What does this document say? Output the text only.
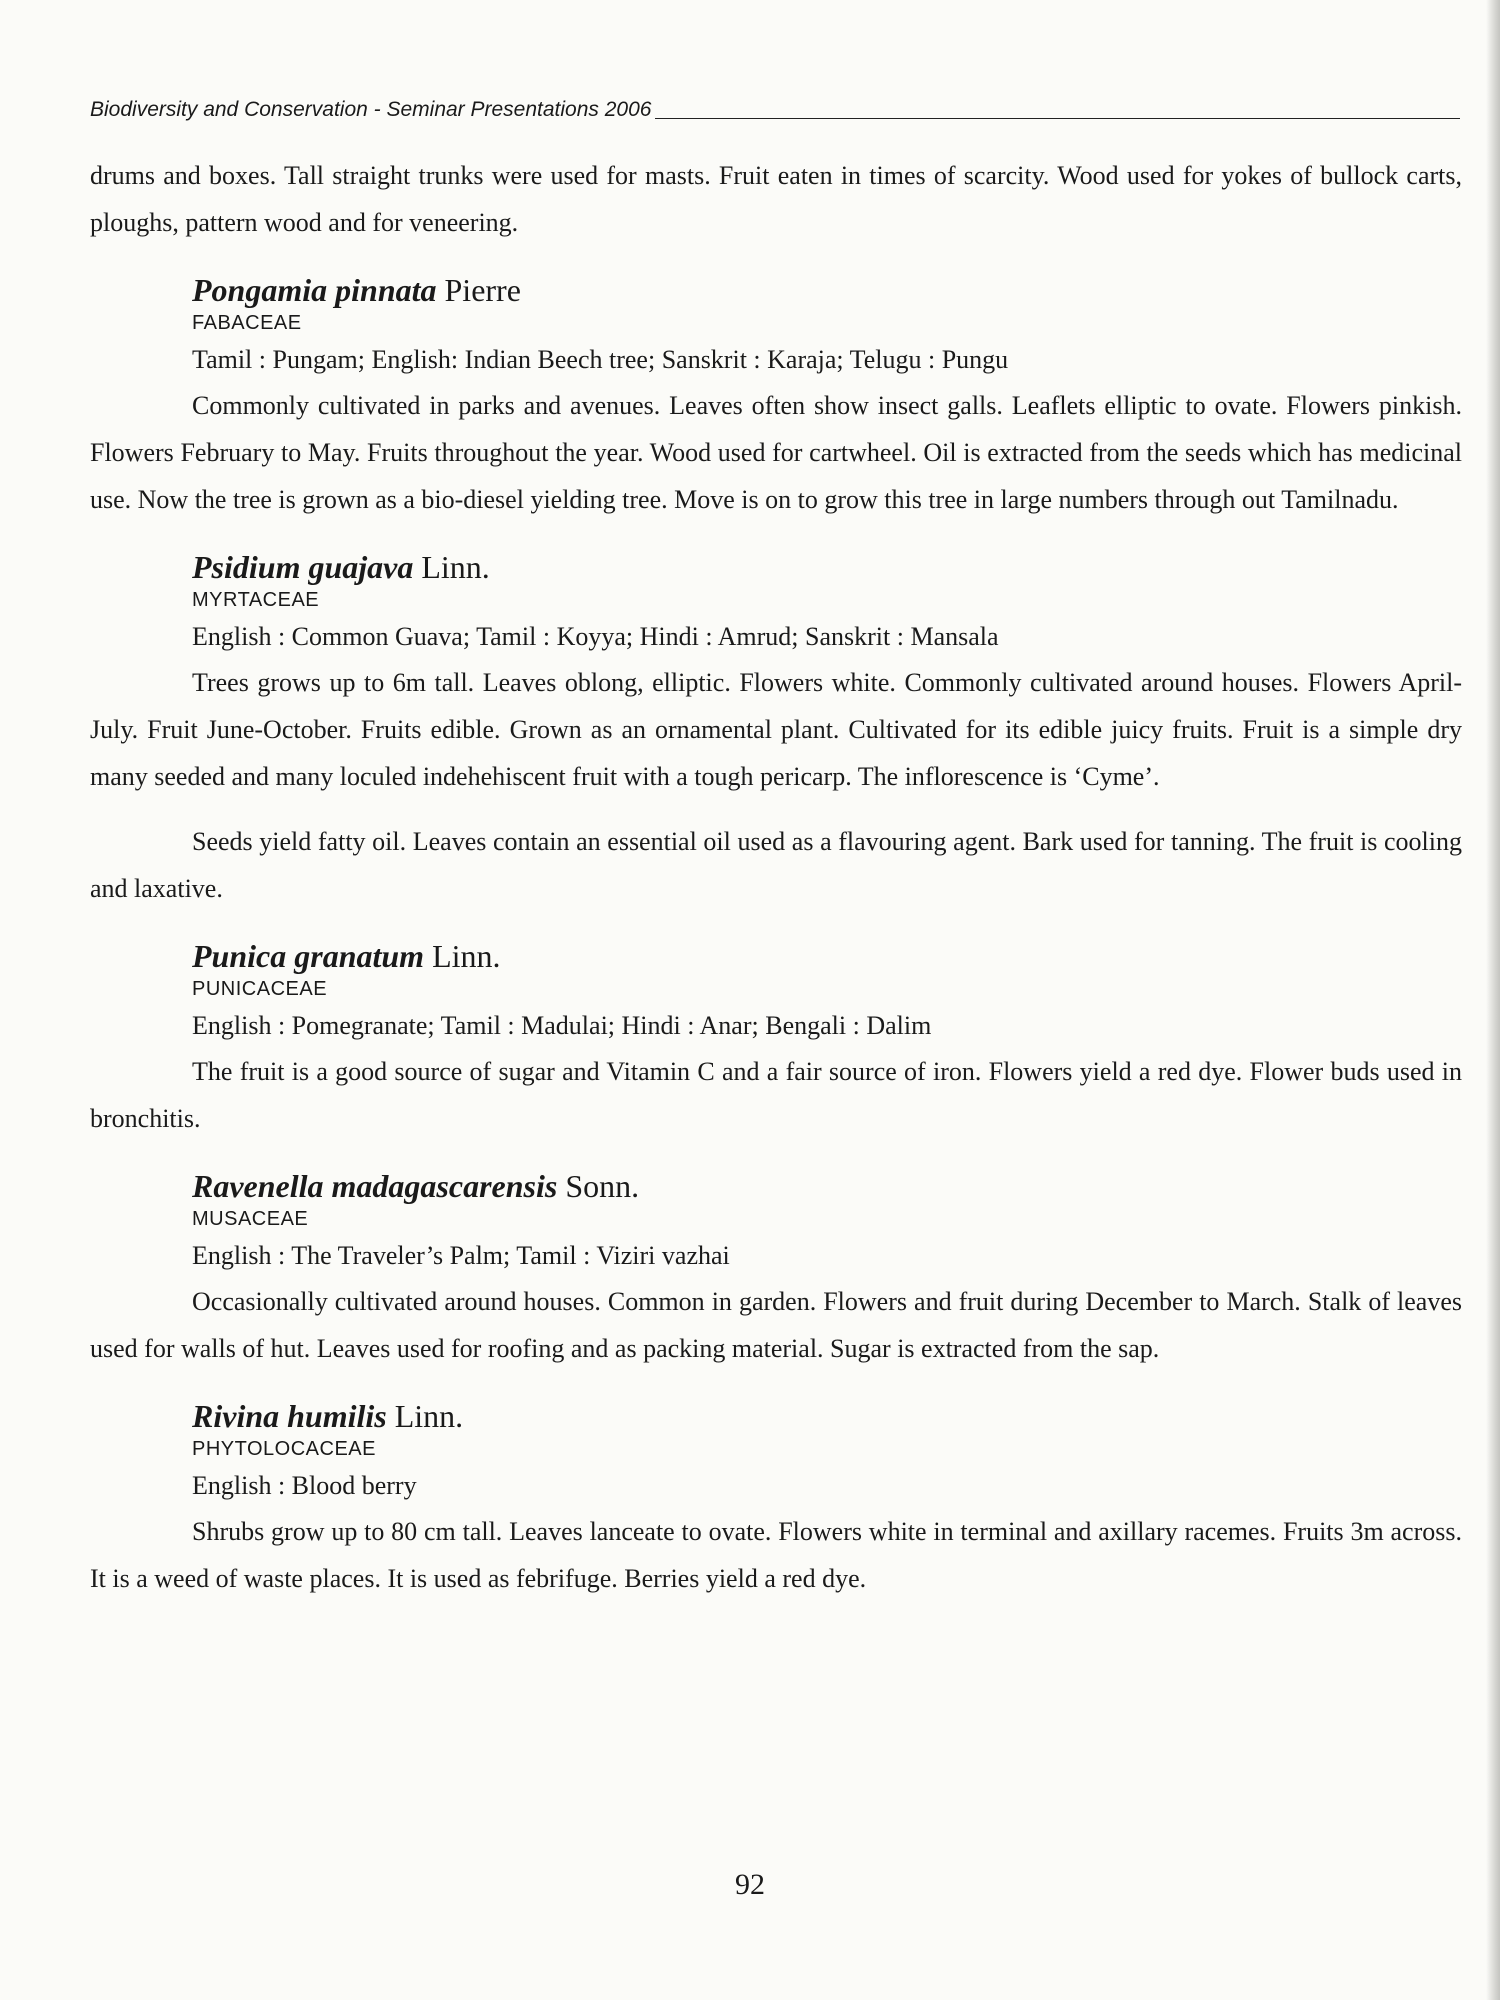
Biodiversity and Conservation - Seminar Presentations 2006

drums and boxes. Tall straight trunks were used for masts. Fruit eaten in times of scarcity. Wood used for yokes of bullock carts, ploughs, pattern wood and for veneering.

Pongamia pinnata Pierre
FABACEAE
Tamil : Pungam; English: Indian Beech tree; Sanskrit : Karaja; Telugu : Pungu

Commonly cultivated in parks and avenues. Leaves often show insect galls. Leaflets elliptic to ovate. Flowers pinkish. Flowers February to May. Fruits throughout the year. Wood used for cartwheel. Oil is extracted from the seeds which has medicinal use. Now the tree is grown as a bio-diesel yielding tree. Move is on to grow this tree in large numbers through out Tamilnadu.

Psidium guajava Linn.
MYRTACEAE
English : Common Guava; Tamil : Koyya; Hindi : Amrud; Sanskrit : Mansala

Trees grows up to 6m tall. Leaves oblong, elliptic. Flowers white. Commonly cultivated around houses. Flowers April-July. Fruit June-October. Fruits edible. Grown as an ornamental plant. Cultivated for its edible juicy fruits. Fruit is a simple dry many seeded and many loculed indehehiscent fruit with a tough pericarp. The inflorescence is ‘Cyme’.

Seeds yield fatty oil. Leaves contain an essential oil used as a flavouring agent. Bark used for tanning. The fruit is cooling and laxative.

Punica granatum Linn.
PUNICACEAE
English : Pomegranate; Tamil : Madulai; Hindi : Anar; Bengali : Dalim

The fruit is a good source of sugar and Vitamin C and a fair source of iron. Flowers yield a red dye. Flower buds used in bronchitis.

Ravenella madagascarensis Sonn.
MUSACEAE
English : The Traveler’s Palm; Tamil : Viziri vazhai

Occasionally cultivated around houses. Common in garden. Flowers and fruit during December to March. Stalk of leaves used for walls of hut. Leaves used for roofing and as packing material. Sugar is extracted from the sap.

Rivina humilis Linn.
PHYTOLOCACEAE
English : Blood berry

Shrubs grow up to 80 cm tall. Leaves lanceate to ovate. Flowers white in terminal and axillary racemes. Fruits 3m across. It is a weed of waste places. It is used as febrifuge. Berries yield a red dye.

92
